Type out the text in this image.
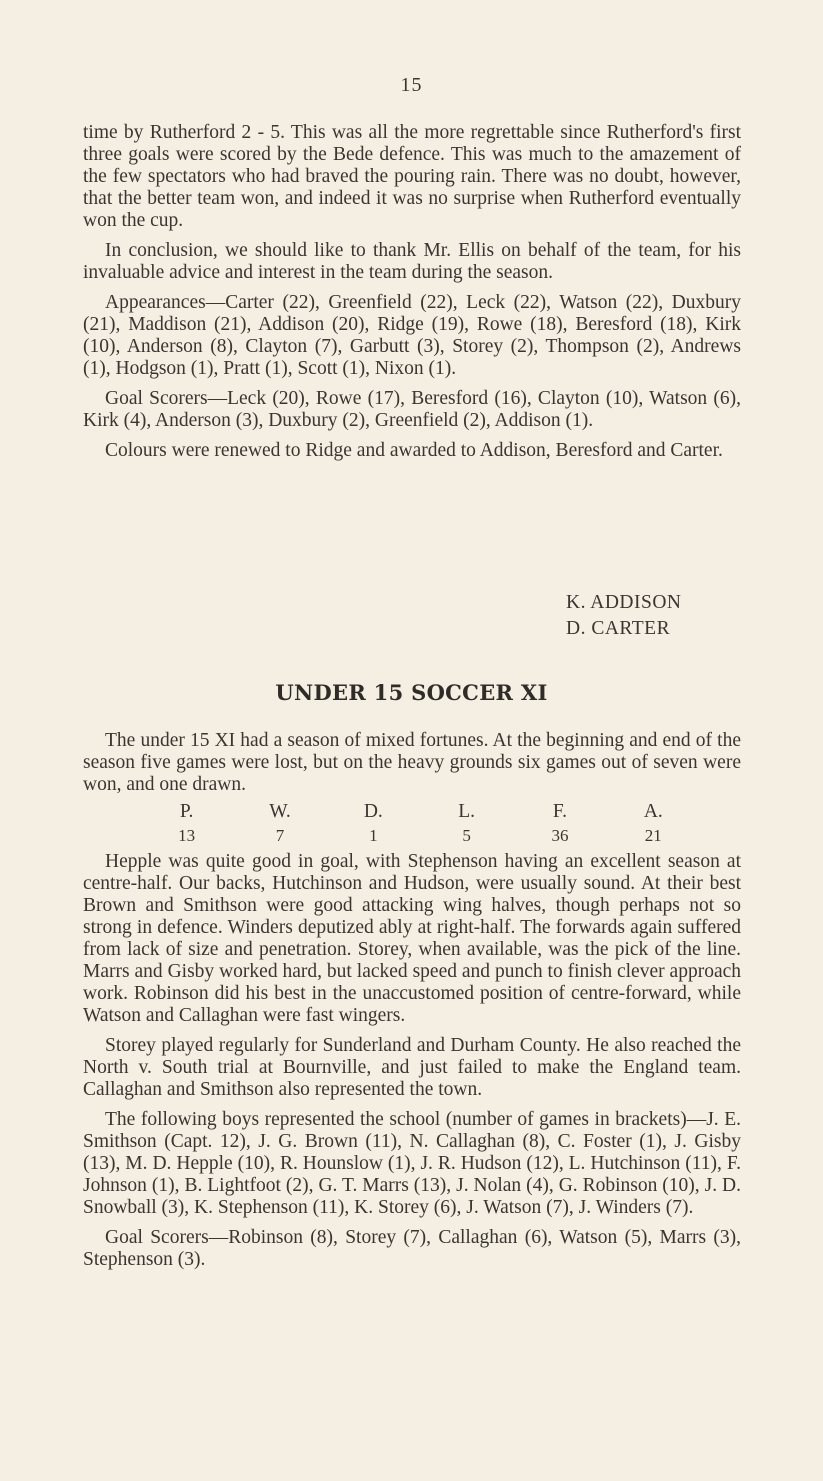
15

time by Rutherford 2 - 5. This was all the more regrettable since Rutherford's first three goals were scored by the Bede defence. This was much to the amazement of the few spectators who had braved the pouring rain. There was no doubt, however, that the better team won, and indeed it was no surprise when Rutherford eventually won the cup.

In conclusion, we should like to thank Mr. Ellis on behalf of the team, for his invaluable advice and interest in the team during the season.

Appearances—Carter (22), Greenfield (22), Leck (22), Watson (22), Duxbury (21), Maddison (21), Addison (20), Ridge (19), Rowe (18), Beresford (18), Kirk (10), Anderson (8), Clayton (7), Garbutt (3), Storey (2), Thompson (2), Andrews (1), Hodgson (1), Pratt (1), Scott (1), Nixon (1).

Goal Scorers—Leck (20), Rowe (17), Beresford (16), Clayton (10), Watson (6), Kirk (4), Anderson (3), Duxbury (2), Greenfield (2), Addison (1).

Colours were renewed to Ridge and awarded to Addison, Beresford and Carter.

K. ADDISON
D. CARTER
UNDER 15 SOCCER XI

The under 15 XI had a season of mixed fortunes. At the beginning and end of the season five games were lost, but on the heavy grounds six games out of seven were won, and one drawn.

P.	W.	D.	L.	F.	A.
13	7	1	5	36	21

Hepple was quite good in goal, with Stephenson having an excellent season at centre-half. Our backs, Hutchinson and Hudson, were usually sound. At their best Brown and Smithson were good attacking wing halves, though perhaps not so strong in defence. Winders deputized ably at right-half. The forwards again suffered from lack of size and penetration. Storey, when available, was the pick of the line. Marrs and Gisby worked hard, but lacked speed and punch to finish clever approach work. Robinson did his best in the unaccustomed position of centre-forward, while Watson and Callaghan were fast wingers.

Storey played regularly for Sunderland and Durham County. He also reached the North v. South trial at Bournville, and just failed to make the England team. Callaghan and Smithson also represented the town.

The following boys represented the school (number of games in brackets)—J. E. Smithson (Capt. 12), J. G. Brown (11), N. Callaghan (8), C. Foster (1), J. Gisby (13), M. D. Hepple (10), R. Hounslow (1), J. R. Hudson (12), L. Hutchinson (11), F. Johnson (1), B. Lightfoot (2), G. T. Marrs (13), J. Nolan (4), G. Robinson (10), J. D. Snowball (3), K. Stephenson (11), K. Storey (6), J. Watson (7), J. Winders (7).

Goal Scorers—Robinson (8), Storey (7), Callaghan (6), Watson (5), Marrs (3), Stephenson (3).
